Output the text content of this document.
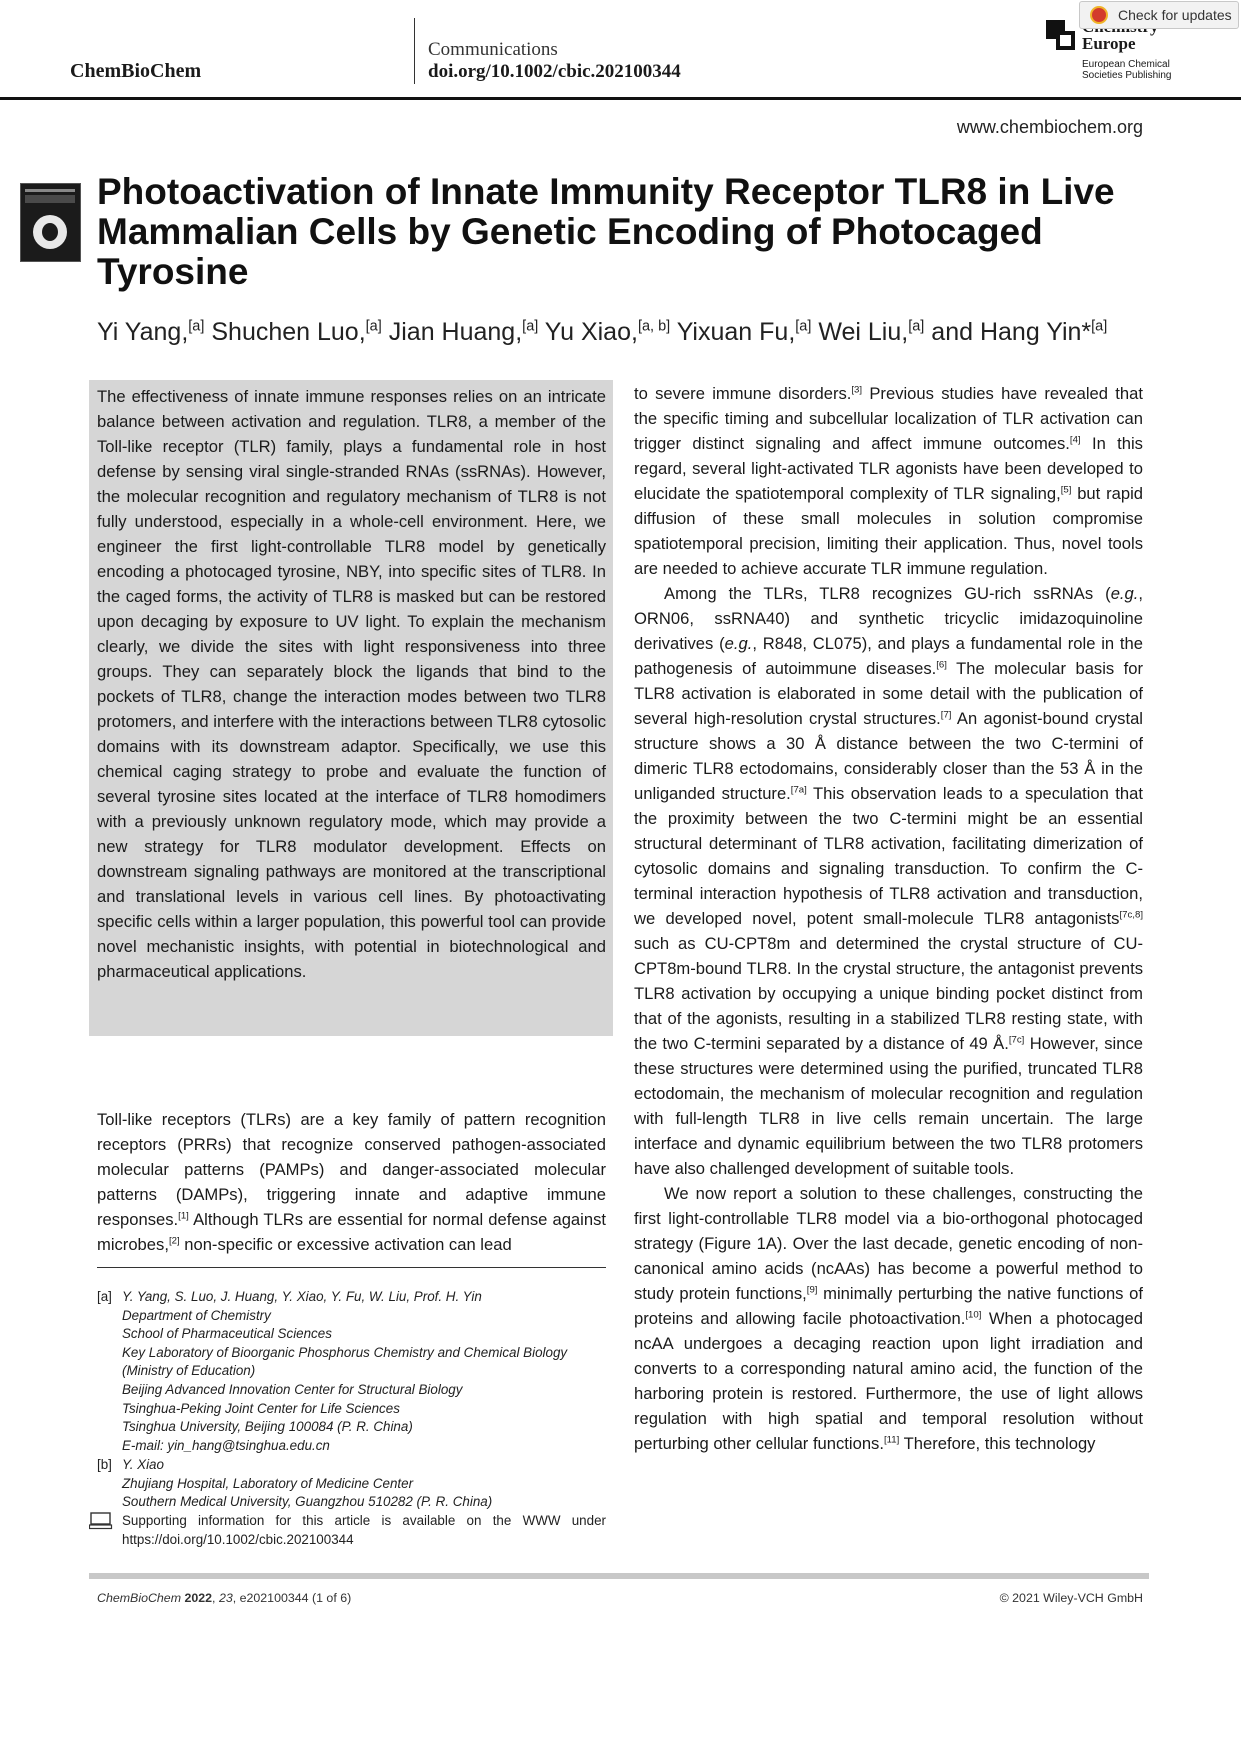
ChemBioChem
Communications
doi.org/10.1002/cbic.202100344
Europe
European Chemical
Societies Publishing
Check for updates
www.chembiochem.org
Photoactivation of Innate Immunity Receptor TLR8 in Live Mammalian Cells by Genetic Encoding of Photocaged Tyrosine
Yi Yang,[a] Shuchen Luo,[a] Jian Huang,[a] Yu Xiao,[a, b] Yixuan Fu,[a] Wei Liu,[a] and Hang Yin*[a]
The effectiveness of innate immune responses relies on an intricate balance between activation and regulation. TLR8, a member of the Toll-like receptor (TLR) family, plays a fundamental role in host defense by sensing viral single-stranded RNAs (ssRNAs). However, the molecular recognition and regulatory mechanism of TLR8 is not fully understood, especially in a whole-cell environment. Here, we engineer the first light-controllable TLR8 model by genetically encoding a photocaged tyrosine, NBY, into specific sites of TLR8. In the caged forms, the activity of TLR8 is masked but can be restored upon decaging by exposure to UV light. To explain the mechanism clearly, we divide the sites with light responsiveness into three groups. They can separately block the ligands that bind to the pockets of TLR8, change the interaction modes between two TLR8 protomers, and interfere with the interactions between TLR8 cytosolic domains with its downstream adaptor. Specifically, we use this chemical caging strategy to probe and evaluate the function of several tyrosine sites located at the interface of TLR8 homodimers with a previously unknown regulatory mode, which may provide a new strategy for TLR8 modulator development. Effects on downstream signaling pathways are monitored at the transcriptional and translational levels in various cell lines. By photoactivating specific cells within a larger population, this powerful tool can provide novel mechanistic insights, with potential in biotechnological and pharmaceutical applications.
Toll-like receptors (TLRs) are a key family of pattern recognition receptors (PRRs) that recognize conserved pathogen-associated molecular patterns (PAMPs) and danger-associated molecular patterns (DAMPs), triggering innate and adaptive immune responses.[1] Although TLRs are essential for normal defense against microbes,[2] non-specific or excessive activation can lead
[a] Y. Yang, S. Luo, J. Huang, Y. Xiao, Y. Fu, W. Liu, Prof. H. Yin
Department of Chemistry
School of Pharmaceutical Sciences
Key Laboratory of Bioorganic Phosphorus Chemistry and Chemical Biology (Ministry of Education)
Beijing Advanced Innovation Center for Structural Biology
Tsinghua-Peking Joint Center for Life Sciences
Tsinghua University, Beijing 100084 (P. R. China)
E-mail: yin_hang@tsinghua.edu.cn
[b] Y. Xiao
Zhujiang Hospital, Laboratory of Medicine Center
Southern Medical University, Guangzhou 510282 (P. R. China)
Supporting information for this article is available on the WWW under https://doi.org/10.1002/cbic.202100344

to severe immune disorders.[3] Previous studies have revealed that the specific timing and subcellular localization of TLR activation can trigger distinct signaling and affect immune outcomes.[4] In this regard, several light-activated TLR agonists have been developed to elucidate the spatiotemporal complexity of TLR signaling,[5] but rapid diffusion of these small molecules in solution compromise spatiotemporal precision, limiting their application. Thus, novel tools are needed to achieve accurate TLR immune regulation.

Among the TLRs, TLR8 recognizes GU-rich ssRNAs (e.g., ORN06, ssRNA40) and synthetic tricyclic imidazoquinoline derivatives (e.g., R848, CL075), and plays a fundamental role in the pathogenesis of autoimmune diseases.[6] The molecular basis for TLR8 activation is elaborated in some detail with the publication of several high-resolution crystal structures.[7] An agonist-bound crystal structure shows a 30 Å distance between the two C-termini of dimeric TLR8 ectodomains, considerably closer than the 53 Å in the unliganded structure.[7a] This observation leads to a speculation that the proximity between the two C-termini might be an essential structural determinant of TLR8 activation, facilitating dimerization of cytosolic domains and signaling transduction. To confirm the C-terminal interaction hypothesis of TLR8 activation and transduction, we developed novel, potent small-molecule TLR8 antagonists[7c,8] such as CU-CPT8m and determined the crystal structure of CU-CPT8m-bound TLR8. In the crystal structure, the antagonist prevents TLR8 activation by occupying a unique binding pocket distinct from that of the agonists, resulting in a stabilized TLR8 resting state, with the two C-termini separated by a distance of 49 Å.[7c] However, since these structures were determined using the purified, truncated TLR8 ectodomain, the mechanism of molecular recognition and regulation with full-length TLR8 in live cells remain uncertain. The large interface and dynamic equilibrium between the two TLR8 protomers have also challenged development of suitable tools.

We now report a solution to these challenges, constructing the first light-controllable TLR8 model via a bio-orthogonal photocaged strategy (Figure 1A). Over the last decade, genetic encoding of non-canonical amino acids (ncAAs) has become a powerful method to study protein functions,[9] minimally perturbing the native functions of proteins and allowing facile photoactivation.[10] When a photocaged ncAA undergoes a decaging reaction upon light irradiation and converts to a corresponding natural amino acid, the function of the harboring protein is restored. Furthermore, the use of light allows regulation with high spatial and temporal resolution without perturbing other cellular functions.[11] Therefore, this technology

ChemBioChem 2022, 23, e202100344 (1 of 6)	© 2021 Wiley-VCH GmbH
